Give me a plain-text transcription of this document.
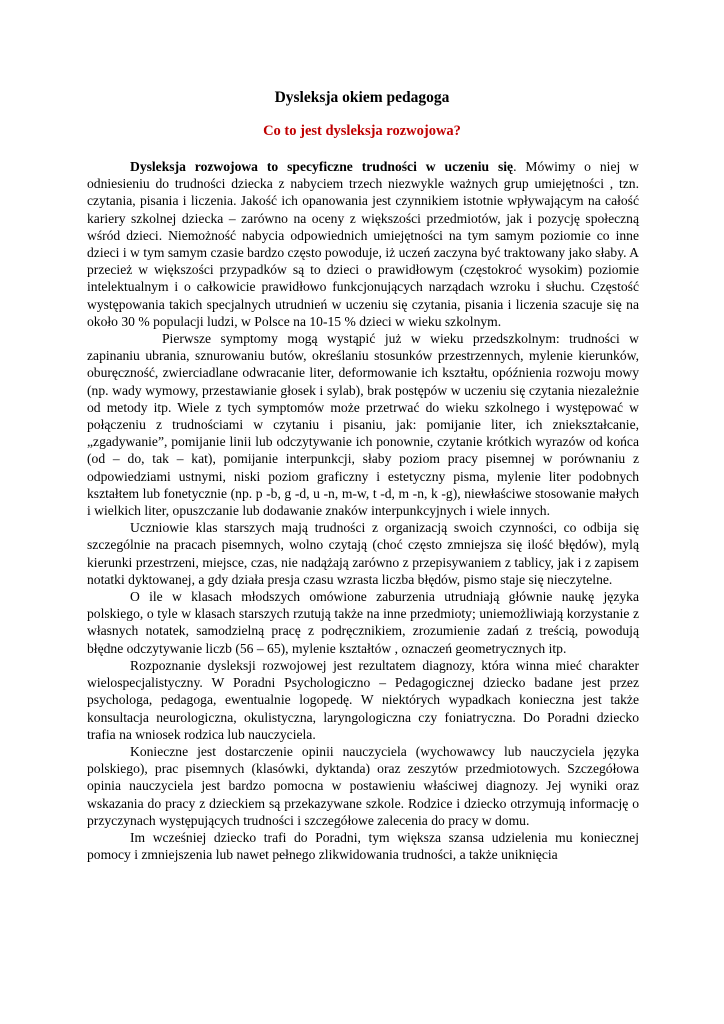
Dysleksja okiem pedagoga
Co to jest dysleksja rozwojowa?

Dysleksja rozwojowa to specyficzne trudności w uczeniu się. Mówimy o niej w odniesieniu do trudności dziecka z nabyciem trzech niezwykle ważnych grup umiejętności , tzn. czytania, pisania i liczenia. Jakość ich opanowania jest czynnikiem istotnie wpływającym na całość kariery szkolnej dziecka – zarówno na oceny z większości przedmiotów, jak i pozycję społeczną wśród dzieci. Niemożność nabycia odpowiednich umiejętności na tym samym poziomie co inne dzieci i w tym samym czasie bardzo często powoduje, iż uczeń zaczyna być traktowany jako słaby. A przecież w większości przypadków są to dzieci o prawidłowym (częstokroć wysokim) poziomie intelektualnym i o całkowicie prawidłowo funkcjonujących narządach wzroku i słuchu. Częstość występowania takich specjalnych utrudnień w uczeniu się czytania, pisania i liczenia szacuje się na około 30 % populacji ludzi, w Polsce na 10-15 % dzieci w wieku szkolnym.

Pierwsze symptomy mogą wystąpić już w wieku przedszkolnym: trudności w zapinaniu ubrania, sznurowaniu butów, określaniu stosunków przestrzennych, mylenie kierunków, oburęczność, zwierciadlane odwracanie liter, deformowanie ich kształtu, opóźnienia rozwoju mowy (np. wady wymowy, przestawianie głosek i sylab), brak postępów w uczeniu się czytania niezależnie od metody itp. Wiele z tych symptomów może przetrwać do wieku szkolnego i występować w połączeniu z trudnościami w czytaniu i pisaniu, jak: pomijanie liter, ich zniekształcanie, „zgadywanie”, pomijanie linii lub odczytywanie ich ponownie, czytanie krótkich wyrazów od końca (od – do, tak – kat), pomijanie interpunkcji, słaby poziom pracy pisemnej w porównaniu z odpowiedziami ustnymi, niski poziom graficzny i estetyczny pisma, mylenie liter podobnych kształtem lub fonetycznie (np. p -b, g -d, u -n, m-w, t -d, m -n, k -g), niewłaściwe stosowanie małych i wielkich liter, opuszczanie lub dodawanie znaków interpunkcyjnych i wiele innych.

Uczniowie klas starszych mają trudności z organizacją swoich czynności, co odbija się szczególnie na pracach pisemnych, wolno czytają (choć często zmniejsza się ilość błędów), mylą kierunki przestrzeni, miejsce, czas, nie nadążają zarówno z przepisywaniem z tablicy, jak i z zapisem notatki dyktowanej, a gdy działa presja czasu wzrasta liczba błędów, pismo staje się nieczytelne.

O ile w klasach młodszych omówione zaburzenia utrudniają głównie naukę języka polskiego, o tyle w klasach starszych rzutują także na inne przedmioty; uniemożliwiają korzystanie z własnych notatek, samodzielną pracę z podręcznikiem, zrozumienie zadań z treścią, powodują błędne odczytywanie liczb (56 – 65), mylenie kształtów , oznaczeń geometrycznych itp.

Rozpoznanie dysleksji rozwojowej jest rezultatem diagnozy, która winna mieć charakter wielospecjalistyczny. W Poradni Psychologiczno – Pedagogicznej dziecko badane jest przez psychologa, pedagoga, ewentualnie logopedę. W niektórych wypadkach konieczna jest także konsultacja neurologiczna, okulistyczna, laryngologiczna czy foniatryczna. Do Poradni dziecko trafia na wniosek rodzica lub nauczyciela.

Konieczne jest dostarczenie opinii nauczyciela (wychowawcy lub nauczyciela języka polskiego), prac pisemnych (klasówki, dyktanda) oraz zeszytów przedmiotowych. Szczegółowa opinia nauczyciela jest bardzo pomocna w postawieniu właściwej diagnozy. Jej wyniki oraz wskazania do pracy z dzieckiem są przekazywane szkole. Rodzice i dziecko otrzymują informację o przyczynach występujących trudności i szczegółowe zalecenia do pracy w domu.

Im wcześniej dziecko trafi do Poradni, tym większa szansa udzielenia mu koniecznej pomocy i zmniejszenia lub nawet pełnego zlikwidowania trudności, a także uniknięcia
